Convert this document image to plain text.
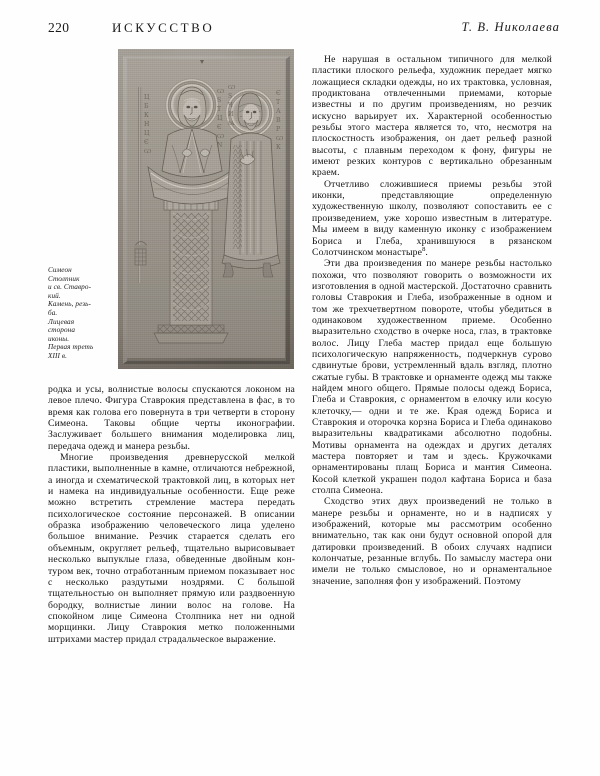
220	ИСКУССТВО	Т. В. Николаева
Ц
Б
К
Н
Ц
Є
Ѡ
Ѡ
Ѕ
Т
Ц
Є
Ѡ
N
Ѡ
Ѕ
Ч
И
Ѩ
Є
Т
А
В
Р
Ѡ
К
Симеон
Столпник
и св. Ставро-
кий.
Камень, резь-
ба.
Лицевая
сторона
иконы.
Первая треть
XIII в.

родка и усы, волнистые волосы спускаются локоном на левое плечо. Фигура Ставрокия представлена в фас, в то время как голова его повернута в три четверти в сторону Симеона. Таковы общие черты иконографии. Заслуживает большего внимания моделировка лиц, передача одежд и манера резьбы.

Многие произведения древнерусской мелкой пластики, выполненные в камне, отличаются небрежной, а иногда и схематической трактовкой лиц, в которых нет и намека на индивидуальные особенности. Еще реже можно встретить стремление мастера передать психологическое состояние персонажей. В описании образка изображению человеческого лица уделено большое внимание. Резчик старается сделать его объемным, округляет рельеф, тщательно вырисовывает несколько выпуклые глаза, обведенные двойным контуром век, точно отработанным приемом показывает нос с несколько раздутыми ноздрями. С большой тщательностью он выполняет прямую или раздвоенную бородку, волнистые линии волос на голове. На спокойном лице Симеона Столпника нет ни одной морщинки. Лицу Ставрокия метко положенными штрихами мастер придал страдальческое выражение.

Не нарушая в остальном типичного для мелкой пластики плоского рельефа, художник передает мягко ложащиеся складки одежды, но их трактовка, условная, продиктована отвлеченными приемами, которые известны и по другим произведениям, но резчик искусно варьирует их. Характерной особенностью резьбы этого мастера является то, что, несмотря на плоскостность изображения, он дает рельеф разной высоты, с плавным переходом к фону, фигуры не имеют резких контуров с вертикально обрезанным краем.

Отчетливо сложившиеся приемы резьбы этой иконки, представляющие определенную художественную школу, позволяют сопоставить ее с произведением, уже хорошо известным в литературе. Мы имеем в виду каменную иконку с изображением Бориса и Глеба, хранившуюся в рязанском Солотчинском монастыре$^8$.

Эти два произведения по манере резьбы настолько похожи, что позволяют говорить о возможности их изготовления в одной мастерской. Достаточно сравнить головы Ставрокия и Глеба, изображенные в одном и том же трехчетвертном повороте, чтобы убедиться в одинаковом художественном приеме. Особенно выразительно сходство в очерке носа, глаз, в трактовке волос. Лицу Глеба мастер придал еще большую психологическую напряженность, подчеркнув сурово сдвинутые брови, устремленный вдаль взгляд, плотно сжатые губы. В трактовке и орнаменте одежд мы также найдем много общего. Прямые полосы одежд Бориса, Глеба и Ставрокия, с орнаментом в елочку или косую клеточку,— одни и те же. Края одежд Бориса и Ставрокия и оторочка корзна Бориса и Глеба одинаково выразительны квадратиками абсолютно подобны. Мотивы орнамента на одеждах и других деталях мастера повторяет и там и здесь. Кружочками орнаментированы плащ Бориса и мантия Симеона. Косой клеткой украшен подол кафтана Бориса и база столпа Симеона.

Сходство этих двух произведений не только в манере резьбы и орнаменте, но и в надписях у изображений, которые мы рассмотрим особенно внимательно, так как они будут основной опорой для датировки произведений. В обоих случаях надписи колончатые, резанные вглубь. По замыслу мастера они имели не только смысловое, но и орнаментальное значение, заполняя фон у изображений. Поэтому
